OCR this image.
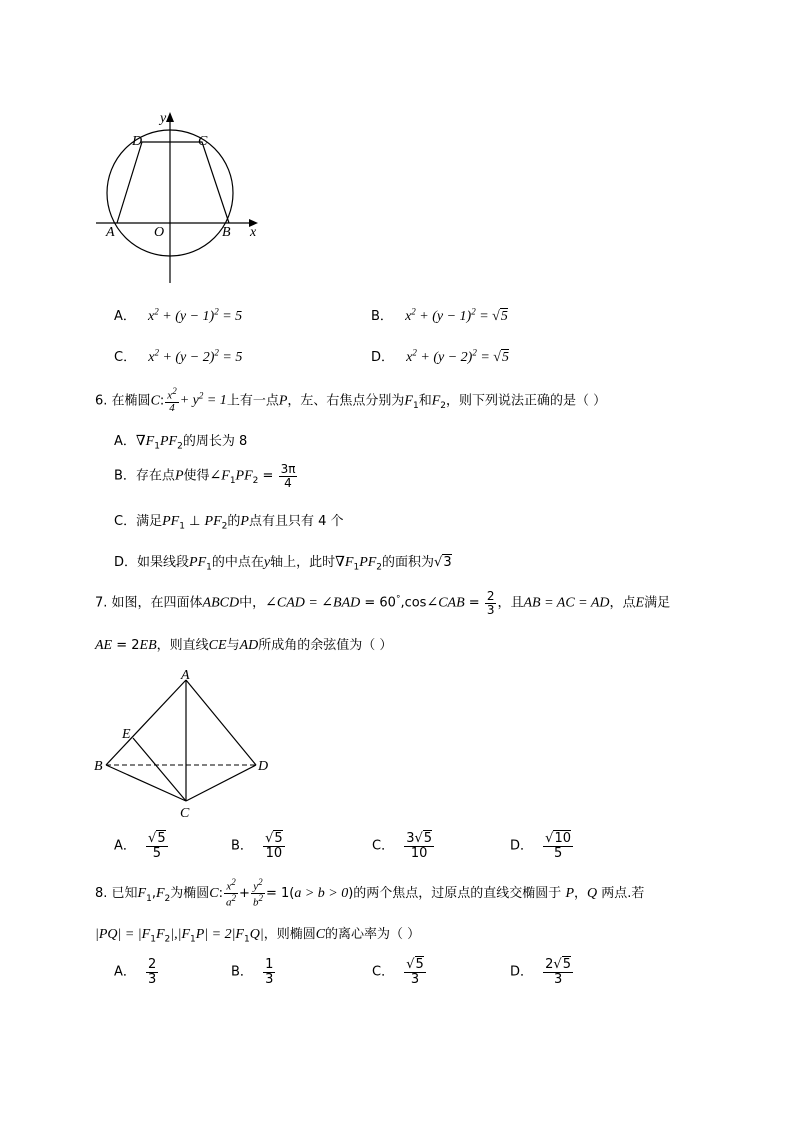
y
D	C
A	O	B x
A． $x^2 + (y - 1)^2 = 5$	B． $x^2 + (y - 1)^2 = √5$
C． $x^2 + (y - 2)^2 = 5$	D． $x^2 + (y - 2)^2 = √5$
6. 在椭圆C: $\frac{x^2}{4} + y^2 = 1$上有一点P，左、右焦点分别为$F_1$和$F_2$，则下列说法正确的是（ ）
A．$\nabla F_1PF_2$的周长为 8
B．存在点P使得$\angle F_1PF_2 = \frac{3\pi}{4}$
C．满足$PF_1$ ⊥ $PF_2$的P点有且只有 4 个
D．如果线段$PF_1$的中点在y轴上，此时$\nabla F_1PF_2$的面积为√3
7. 如图，在四面体ABCD中，∠CAD = ∠BAD = 60°,cos∠CAB = $\frac{2}{3}$ ，且AB = AC = AD，点E满足
AE = 2EB，则直线CE与AD所成角的余弦值为（ ）
A
E
B	D
C
A． $\frac{√5}{5}$	B． $\frac{√5}{10}$	C． $\frac{3√5}{10}$	D． $\frac{√10}{5}$
8. 已知$F_1,F_2$为椭圆C: $\frac{x^2}{a^2} + \frac{y^2}{b^2} = 1(a > b > 0)$的两个焦点，过原点的直线交椭圆于 P，Q 两点.若
$|PQ| = |F_1F_2|,|F_1P| = 2|F_1Q|$，则椭圆C的离心率为（ ）
A． $\frac{2}{3}$	B． $\frac{1}{3}$	C． $\frac{√5}{3}$	D． $\frac{2√5}{3}$
